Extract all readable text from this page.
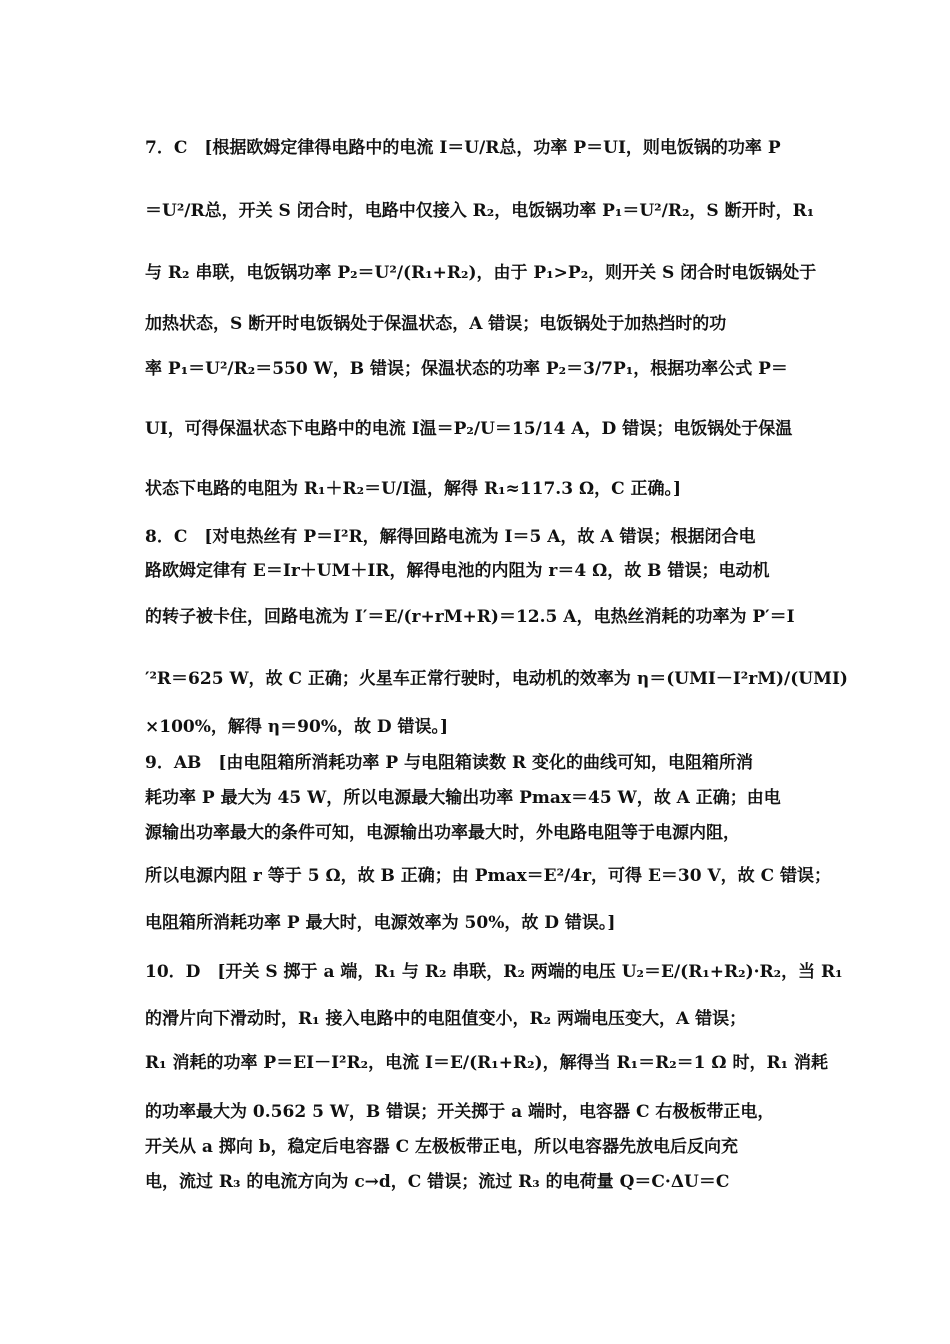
7．C　[根据欧姆定律得电路中的电流 I＝U/R总，功率 P＝UI，则电饭锅的功率 P
＝U²/R总，开关 S 闭合时，电路中仅接入 R₂，电饭锅功率 P₁＝U²/R₂，S 断开时，R₁
与 R₂ 串联，电饭锅功率 P₂＝U²/(R₁+R₂)，由于 P₁>P₂，则开关 S 闭合时电饭锅处于
加热状态，S 断开时电饭锅处于保温状态，A 错误；电饭锅处于加热挡时的功
率 P₁＝U²/R₂＝550 W，B 错误；保温状态的功率 P₂＝3/7P₁，根据功率公式 P＝
UI，可得保温状态下电路中的电流 I温＝P₂/U＝15/14 A，D 错误；电饭锅处于保温
状态下电路的电阻为 R₁＋R₂＝U/I温，解得 R₁≈117.3 Ω，C 正确。]
8．C　[对电热丝有 P＝I²R，解得回路电流为 I＝5 A，故 A 错误；根据闭合电
路欧姆定律有 E＝Ir＋UM＋IR，解得电池的内阻为 r＝4 Ω，故 B 错误；电动机
的转子被卡住，回路电流为 I′＝E/(r+rM+R)＝12.5 A，电热丝消耗的功率为 P′＝I
′²R＝625 W，故 C 正确；火星车正常行驶时，电动机的效率为 η＝(UMI－I²rM)/(UMI)
×100%，解得 η＝90%，故 D 错误。]
9．AB　[由电阻箱所消耗功率 P 与电阻箱读数 R 变化的曲线可知，电阻箱所消
耗功率 P 最大为 45 W，所以电源最大输出功率 Pmax＝45 W，故 A 正确；由电
源输出功率最大的条件可知，电源输出功率最大时，外电路电阻等于电源内阻，
所以电源内阻 r 等于 5 Ω，故 B 正确；由 Pmax＝E²/4r，可得 E＝30 V，故 C 错误；
电阻箱所消耗功率 P 最大时，电源效率为 50%，故 D 错误。]
10．D　[开关 S 掷于 a 端，R₁ 与 R₂ 串联，R₂ 两端的电压 U₂＝E/(R₁+R₂)·R₂，当 R₁
的滑片向下滑动时，R₁ 接入电路中的电阻值变小，R₂ 两端电压变大，A 错误；
R₁ 消耗的功率 P＝EI－I²R₂，电流 I＝E/(R₁+R₂)，解得当 R₁＝R₂＝1 Ω 时，R₁ 消耗
的功率最大为 0.562 5 W，B 错误；开关掷于 a 端时，电容器 C 右极板带正电，
开关从 a 掷向 b，稳定后电容器 C 左极板带正电，所以电容器先放电后反向充
电，流过 R₃ 的电流方向为 c→d，C 错误；流过 R₃ 的电荷量 Q＝C·ΔU＝C
